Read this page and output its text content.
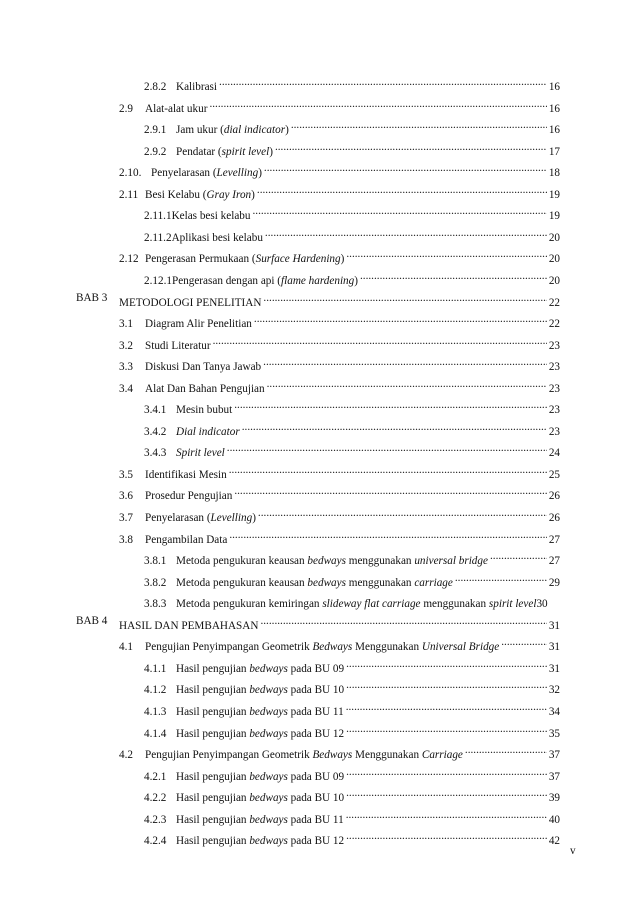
2.8.2 Kalibrasi .....	16
2.9 Alat-alat ukur .....	16
2.9.1 Jam ukur (dial indicator) .....	16
2.9.2 Pendatar (spirit level) .....	17
2.10. Penyelarasan (Levelling) .....	18
2.11 Besi Kelabu (Gray Iron) .....	19
2.11.1Kelas besi kelabu .....	19
2.11.2Aplikasi besi kelabu .....	20
2.12 Pengerasan Permukaan (Surface Hardening) .....	20
2.12.1Pengerasan dengan api (flame hardening) .....	20
BAB 3 METODOLOGI PENELITIAN .....	22
3.1 Diagram Alir Penelitian .....	22
3.2 Studi Literatur .....	23
3.3 Diskusi Dan Tanya Jawab .....	23
3.4 Alat Dan Bahan Pengujian .....	23
3.4.1 Mesin bubut .....	23
3.4.2 Dial indicator .....	23
3.4.3 Spirit level .....	24
3.5 Identifikasi Mesin .....	25
3.6 Prosedur Pengujian .....	26
3.7 Penyelarasan (Levelling) .....	26
3.8 Pengambilan Data .....	27
3.8.1 Metoda pengukuran keausan bedways menggunakan universal bridge .....	27
3.8.2 Metoda pengukuran keausan bedways menggunakan carriage .....	29
3.8.3 Metoda pengukuran kemiringan slideway flat carriage menggunakan spirit level 30
BAB 4 HASIL DAN PEMBAHASAN .....	31
4.1 Pengujian Penyimpangan Geometrik Bedways Menggunakan Universal Bridge .....	31
4.1.1 Hasil pengujian bedways pada BU 09 .....	31
4.1.2 Hasil pengujian bedways pada BU 10 .....	32
4.1.3 Hasil pengujian bedways pada BU 11 .....	34
4.1.4 Hasil pengujian bedways pada BU 12 .....	35
4.2 Pengujian Penyimpangan Geometrik Bedways Menggunakan Carriage .....	37
4.2.1 Hasil pengujian bedways pada BU 09 .....	37
4.2.2 Hasil pengujian bedways pada BU 10 .....	39
4.2.3 Hasil pengujian bedways pada BU 11 .....	40
4.2.4 Hasil pengujian bedways pada BU 12 .....	42
v
